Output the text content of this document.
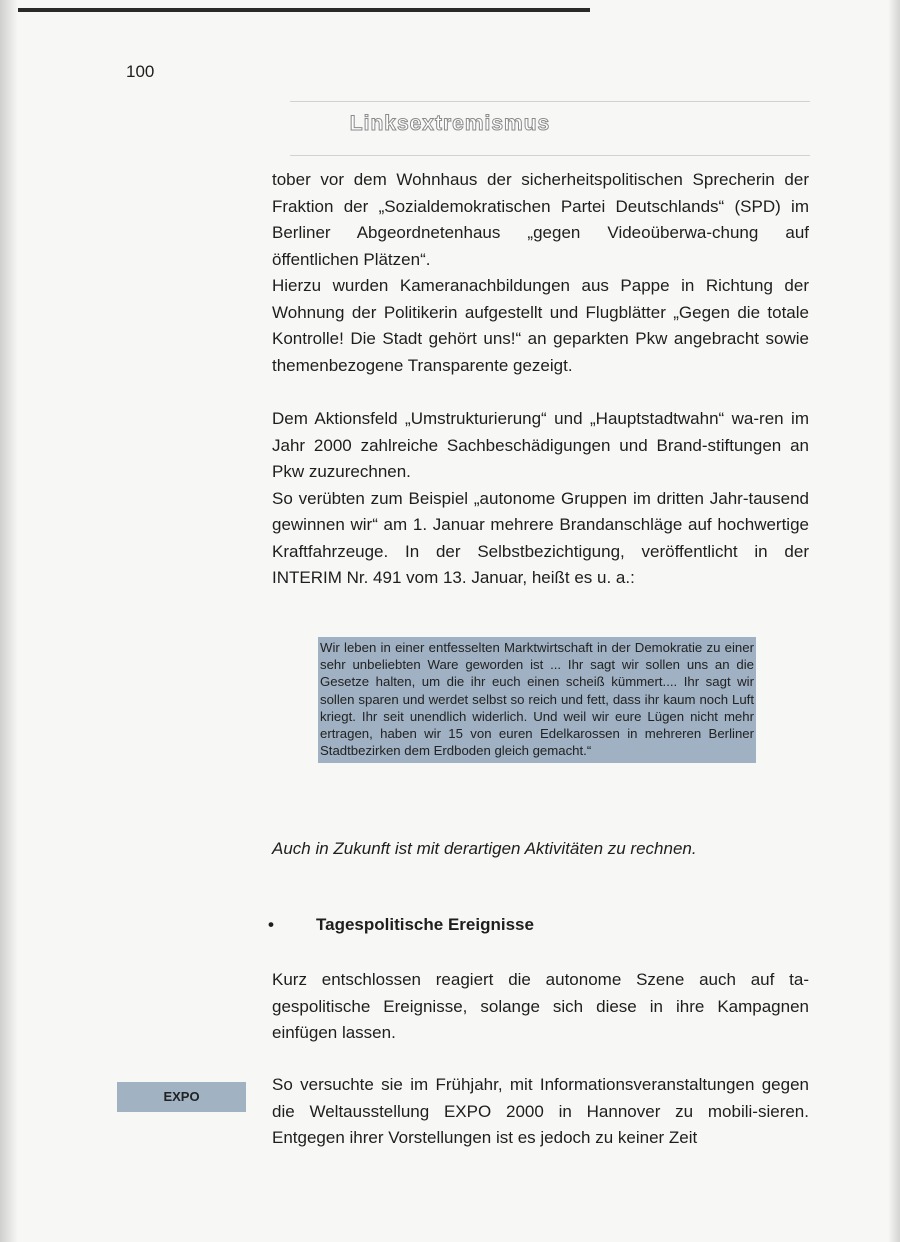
100
Linksextremismus

tober vor dem Wohnhaus der sicherheitspolitischen Sprecherin der Fraktion der „Sozialdemokratischen Partei Deutschlands“ (SPD) im Berliner Abgeordnetenhaus „gegen Videoüberwa-chung auf öffentlichen Plätzen“.

Hierzu wurden Kameranachbildungen aus Pappe in Richtung der Wohnung der Politikerin aufgestellt und Flugblätter „Gegen die totale Kontrolle! Die Stadt gehört uns!“ an geparkten Pkw angebracht sowie themenbezogene Transparente gezeigt.

Dem Aktionsfeld „Umstrukturierung“ und „Hauptstadtwahn“ wa-ren im Jahr 2000 zahlreiche Sachbeschädigungen und Brand-stiftungen an Pkw zuzurechnen.

So verübten zum Beispiel „autonome Gruppen im dritten Jahr-tausend gewinnen wir“ am 1. Januar mehrere Brandanschläge auf hochwertige Kraftfahrzeuge. In der Selbstbezichtigung, veröffentlicht in der INTERIM Nr. 491 vom 13. Januar, heißt es u. a.:

Wir leben in einer entfesselten Marktwirtschaft in der Demokratie zu einer sehr unbeliebten Ware geworden ist ... Ihr sagt wir sollen uns an die Gesetze halten, um die ihr euch einen scheiß kümmert.... Ihr sagt wir sollen sparen und werdet selbst so reich und fett, dass ihr kaum noch Luft kriegt. Ihr seit unendlich widerlich. Und weil wir eure Lügen nicht mehr ertragen, haben wir 15 von euren Edelkarossen in mehreren Berliner Stadtbezirken dem Erdboden gleich gemacht.“

Auch in Zukunft ist mit derartigen Aktivitäten zu rechnen.

• Tagespolitische Ereignisse

Kurz entschlossen reagiert die autonome Szene auch auf ta-gespolitische Ereignisse, solange sich diese in ihre Kampagnen einfügen lassen.

EXPO

So versuchte sie im Frühjahr, mit Informationsveranstaltungen gegen die Weltausstellung EXPO 2000 in Hannover zu mobili-sieren. Entgegen ihrer Vorstellungen ist es jedoch zu keiner Zeit
